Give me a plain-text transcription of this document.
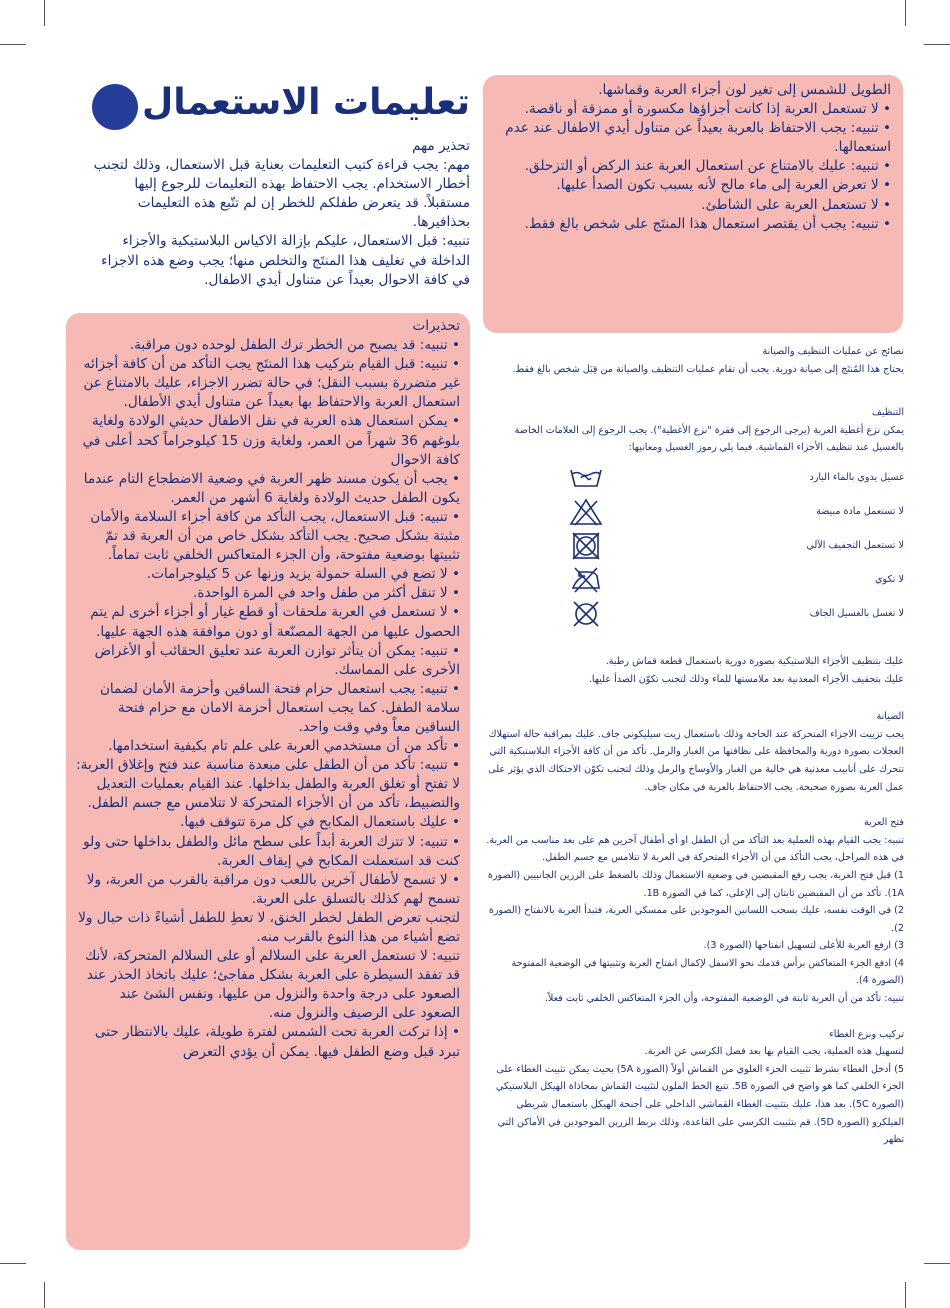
تعليمات الاستعمال

تحذير مهم

مهم: يجب قراءة كتيب التعليمات بعناية قبل الاستعمال، وذلك لتجنب أخطار الاستخدام. يجب الاحتفاظ بهذه التعليمات للرجوع إليها مستقبلاً. قد يتعرض طفلكم للخطر إن لم تتّبع هذه التعليمات بحذافيرها.

تنبيه: قبل الاستعمال، عليكم بإزالة الاكياس البلاستيكية والأجزاء الداخلة في تغليف هذا المنتَج والتخلص منها؛ يجب وضع هذه الاجزاء في كافة الاحوال بعيداً عن متناول أيدي الاطفال.

تحذيرات

• تنبيه: قد يصبح من الخطر ترك الطفل لوحده دون مراقبة.

• تنبيه: قبل القيام بتركيب هذا المنتَج يجب التأكد من أن كافة أجزائه غير متضررة بسبب النقل؛ في حالة تضرر الاجزاء، عليك بالامتناع عن استعمال العربة والاحتفاظ بها بعيداً عن متناول أيدي الأطفال.

• يمكن استعمال هذه العربة في نقل الاطفال حديثي الولادة ولغاية بلوغهم 36 شهراً من العمر، ولغاية وزن 15 كيلوجراماً كحد أعلى في كافة الاحوال

• يجب أن يكون مسند ظهر العربة في وضعية الاضطجاع التام عندما يكون الطفل حديث الولادة ولغاية 6 أشهر من العمر.

• تنبيه: قبل الاستعمال، يجب التأكد من كافة أجزاء السلامة والأمان مثبتة بشكل صحيح. يجب التأكد بشكل خاص من أن العربة قد تمّ تثبيتها بوضعية مفتوحة، وأن الجزء المتعاكس الخلفي ثابت تماماً.

• لا تضع في السلة حمولة يزيد وزنها عن 5 كيلوجرامات.

• لا تنقل أكثر من طفل واحد في المرة الواحدة.

• لا تستعمل في العربة ملحقات أو قطع غيار أو أجزاء أخرى لم يتم الحصول عليها من الجهة المصنّعة أو دون موافقة هذه الجهة عليها.

• تنبيه: يمكن أن يتأثر توازن العربة عند تعليق الحقائب أو الأغراض الأخرى على المماسك.

• تنبيه: يجب استعمال حزام فتحة الساقين وأحزمة الأمان لضمان سلامة الطفل. كما يجب استعمال أحزمة الامان مع حزام فتحة الساقين معاً وفي وقت واحد.

• تأكد من أن مستخدمي العربة على علم تام بكيفية استخدامها.

• تنبيه: تأكد من أن الطفل على مبعدة مناسبة عند فتح وإغلاق العربة: لا تفتح أو تغلق العربة والطفل بداخلها. عند القيام بعمليات التعديل والتضبيط، تأكد من أن الأجزاء المتحركة لا تتلامس مع جسم الطفل.

• عليك باستعمال المكابح في كل مرة تتوقف فيها.

• تنبيه: لا تترك العربة أبداً على سطح مائل والطفل بداخلها حتى ولو كنت قد استعملت المكابح في إيقاف العربة.

• لا تسمح لأطفال آخرين باللعب دون مراقبة بالقرب من العربة، ولا تسمح لهم كذلك بالتسلق على العربة.

لتجنب تعرض الطفل لخطر الخنق، لا تعطِ للطفل أشياءً ذات حبال ولا تضع أشياء من هذا النوع بالقرب منه.

تنبيه: لا تستعمل العربة على السلالم أو على السلالم المتحركة، لأنك قد تفقد السيطرة على العربة بشكل مفاجئ؛ عليك باتخاذ الحذر عند الصعود على درجة واحدة والنزول من عليها، ونفس الشئ عند الصعود على الرصيف والنزول منه.

• إذا تركت العربة تحت الشمس لفترة طويلة، عليك بالانتظار حتى تبرد قبل وضع الطفل فيها. يمكن أن يؤدي التعرض

الطويل للشمس إلى تغير لون أجزاء العربة وقماشها.

• لا تستعمل العربة إذا كانت أجزاؤها مكسورة أو ممزقة أو ناقصة.

• تنبيه: يجب الاحتفاظ بالعربة بعيداً عن متناول أيدي الاطفال عند عدم استعمالها.

• تنبيه: عليك بالامتناع عن استعمال العربة عند الركض أو التزحلق.

• لا تعرض العربة إلى ماء مالح لأنه يسبب تكون الصدأ عليها.

• لا تستعمل العربة على الشاطئ.

• تنبيه: يجب أن يقتصر استعمال هذا المنتَج على شخص بالغ فقط.

نصائح عن عمليات التنظيف والصيانة

يحتاج هذا المُنتَج إلى صيانة دورية. يجب أن تقام عمليات التنظيف والصيانة من قِبَل شخص بالغ فقط.

التنظيف

يمكن نزع أغطية العربة (يرجى الرجوع إلى فقرة "نزع الأغطية"). يجب الرجوع إلى العلامات الخاصة بالغسيل عند تنظيف الأجزاء القماشية. فيما يلي رموز الغسيل ومعانيها:

غسيل يدوي بالماء البارد
لا تستعمل مادة مبيضة
لا تستعمل التجفيف الآلي
لا تكوي
لا تغسل بالغسيل الجاف

عليك بتنظيف الأجزاء البلاستيكية بصورة دورية باستعمال قطعة قماش رطبة.

عليك بتجفيف الأجزاء المعدنية بعد ملامستها للماء وذلك لتجنب تكوّن الصدأ عليها.

الصيانة

يجب تزييت الاجزاء المتحركة عند الحاجة وذلك باستعمال زيت سيليكوني جاف. عليك بمراقبة حالة استهلاك العجلات بصورة دورية والمحافظة على نظافتها من الغبار والرمل. تأكد من أن كافة الأجزاء البلاستيكية التي تتحرك على أنابيب معدنية هي خالية من الغبار والأوساخ والرمل وذلك لتجنب تكوّن الاحتكاك الذي يؤثر على عمل العربة بصورة صحيحة. يجب الاحتفاظ بالعربة في مكان جاف.

فتح العربة

تنبيه: يجب القيام بهذه العملية بعد التأكد من أن الطفل او أي أطفال آخرين هم على بعد مناسب من العربة. في هذه المراحل، يجب التأكد من أن الأجزاء المتحركة في العربة لا تتلامس مع جسم الطفل.

1) قبل فتح العربة، يجب رفع المقبضين في وضعية الاستعمال وذلك بالضغط على الزرين الجانبيين (الصورة 1A). تأكد من أن المقبضين ثابتان إلى الإعلى، كما في الصورة 1B.

2) في الوقت نفسه، عليك بسحب اللسانين الموجودين على ممسكي العربة، فتبدأ العربة بالانفتاح (الصورة 2).

3) ارفع العربة للأعلى لتسهيل انفتاحها (الصورة 3).

4) ادفع الجزء المتعاكس برأس قدمك نحو الاسفل لإكمال انفتاح العربة وتثبيتها في الوضعية المفتوحة (الصورة 4).

تنبيه: تأكد من أن العربة ثابتة في الوضعية المفتوحة، وأن الجزء المتعاكس الخلفي ثابت فعلاً.

تركيب ونزع الغطاء

لتسهيل هذه العملية، يجب القيام بها بعد فصل الكرسي عن العربة.

5) أدخل الغطاء بشرط تثبيت الجزء العلوي من القماش أولاً (الصورة 5A) بحيث يمكن تثبيت الغطاء على الجزء الخلفي كما هو واضح في الصورة 5B. تتبع الخط الملون لتثبيت القماش بمحاذاة الهيكل البلاستيكي (الصورة 5C). بعد هذا، عليك بتثبيت الغطاء القماشي الداخلي على أجنحة الهيكل باستعمال شريطي الفيلكرو (الصورة 5D). قم بتثبيت الكرسي على القاعدة، وذلك بربط الزرين الموجودين في الأماكن التي تظهر
